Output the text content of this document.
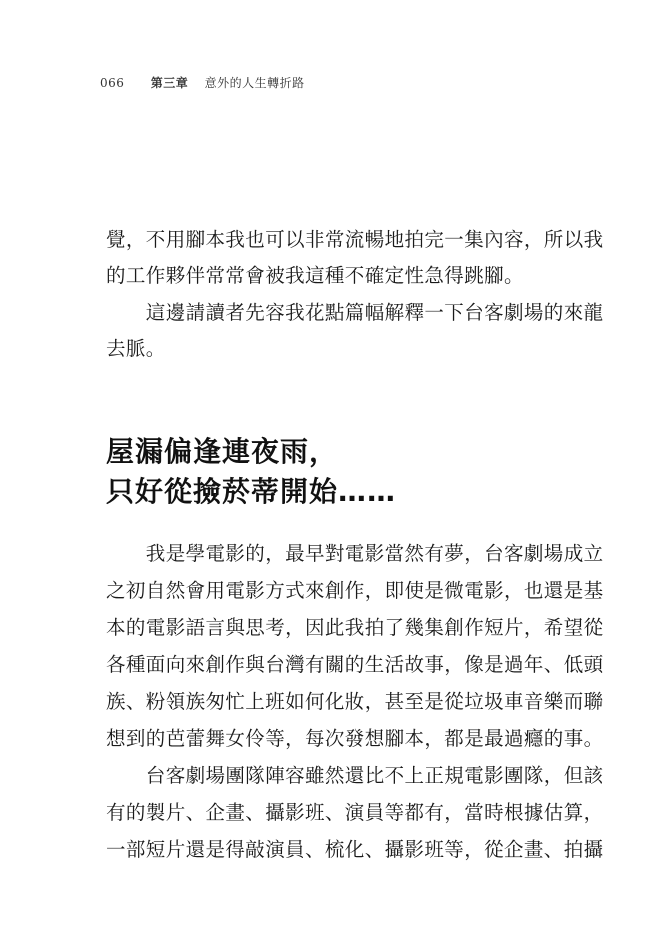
066 第三章 意外的人生轉折路
覺，不用腳本我也可以非常流暢地拍完一集內容，所以我
的工作夥伴常常會被我這種不確定性急得跳腳。
　　這邊請讀者先容我花點篇幅解釋一下台客劇場的來龍
去脈。
屋漏偏逢連夜雨，
只好從撿菸蒂開始……
　　我是學電影的，最早對電影當然有夢，台客劇場成立
之初自然會用電影方式來創作，即使是微電影，也還是基
本的電影語言與思考，因此我拍了幾集創作短片，希望從
各種面向來創作與台灣有關的生活故事，像是過年、低頭
族、粉領族匆忙上班如何化妝，甚至是從垃圾車音樂而聯
想到的芭蕾舞女伶等，每次發想腳本，都是最過癮的事。
　　台客劇場團隊陣容雖然還比不上正規電影團隊，但該
有的製片、企畫、攝影班、演員等都有，當時根據估算，
一部短片還是得敲演員、梳化、攝影班等，從企畫、拍攝
